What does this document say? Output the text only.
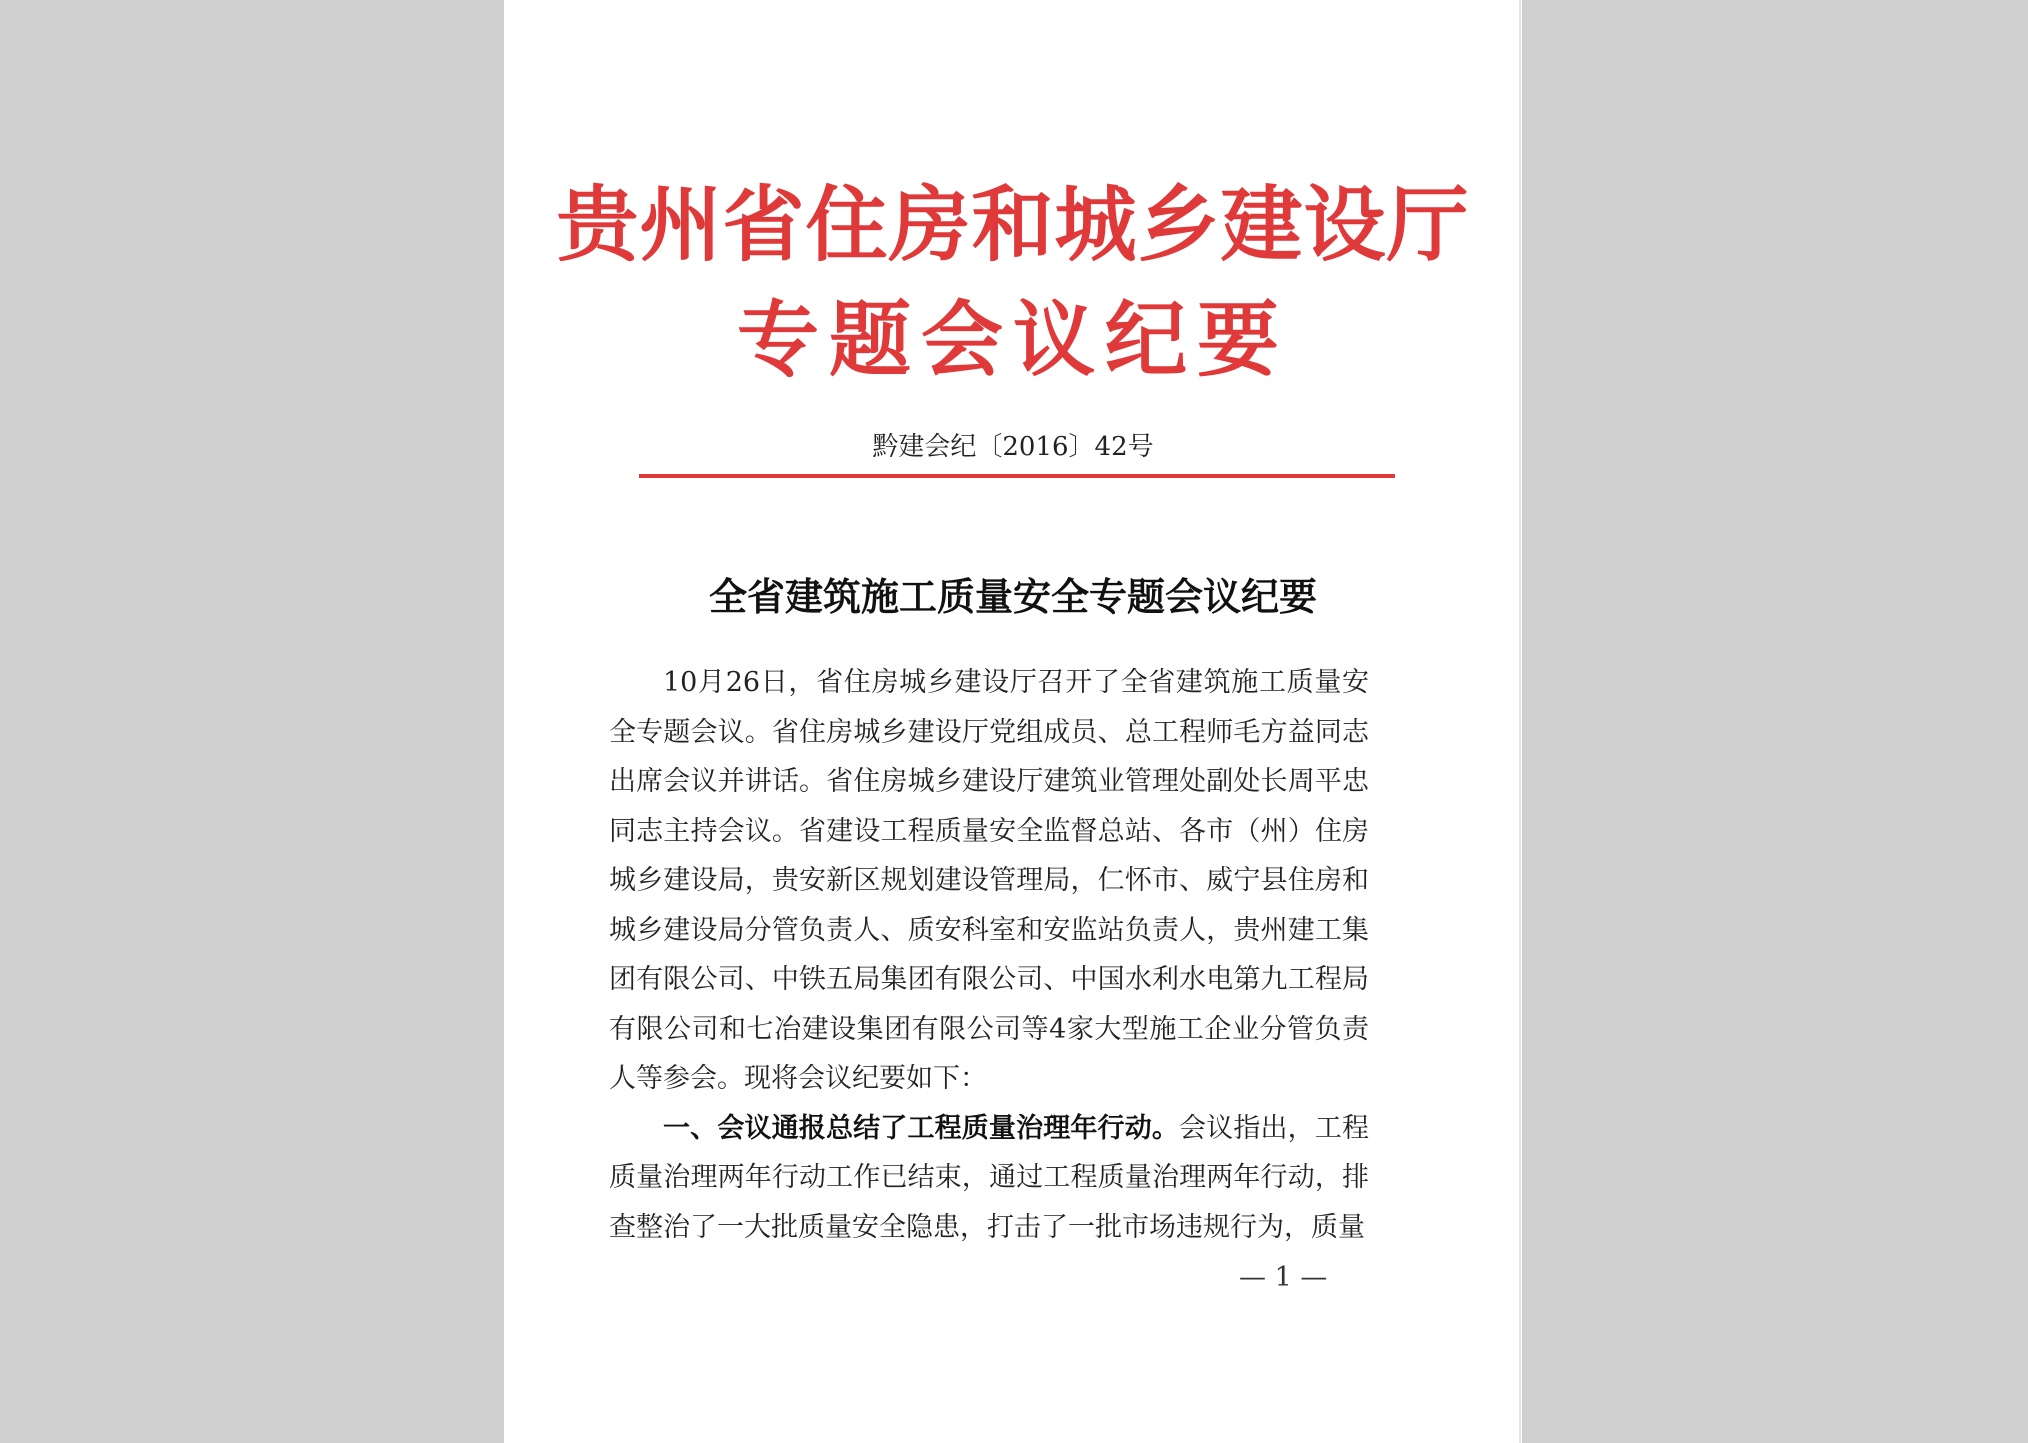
贵州省住房和城乡建设厅
专题会议纪要
黔建会纪〔2016〕42号
全省建筑施工质量安全专题会议纪要

10月26日，省住房城乡建设厅召开了全省建筑施工质量安全专题会议。省住房城乡建设厅党组成员、总工程师毛方益同志出席会议并讲话。省住房城乡建设厅建筑业管理处副处长周平忠同志主持会议。省建设工程质量安全监督总站、各市（州）住房城乡建设局，贵安新区规划建设管理局，仁怀市、威宁县住房和城乡建设局分管负责人、质安科室和安监站负责人，贵州建工集团有限公司、中铁五局集团有限公司、中国水利水电第九工程局有限公司和七冶建设集团有限公司等4家大型施工企业分管负责人等参会。现将会议纪要如下：

一、会议通报总结了工程质量治理年行动。会议指出，工程质量治理两年行动工作已结束，通过工程质量治理两年行动，排查整治了一大批质量安全隐患，打击了一批市场违规行为，质量

— 1 —
